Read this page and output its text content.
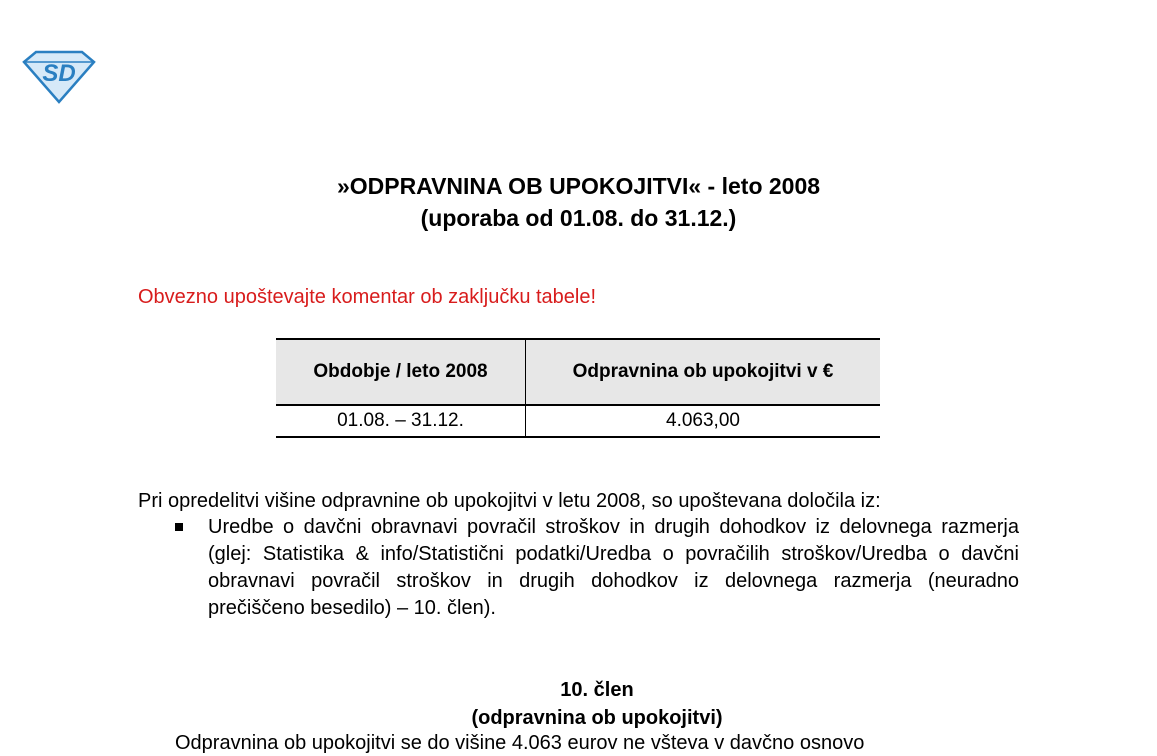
SD
»ODPRAVNINA OB UPOKOJITVI« - leto 2008
(uporaba od 01.08. do 31.12.)
Obvezno upoštevajte komentar ob zaključku tabele!
Obdobje / leto 2008	Odpravnina ob upokojitvi v €
01.08. – 31.12.	4.063,00
Pri opredelitvi višine odpravnine ob upokojitvi v letu 2008, so upoštevana določila iz:
Uredbe o davčni obravnavi povračil stroškov in drugih dohodkov iz delovnega razmerja (glej: Statistika & info/Statistični podatki/Uredba o povračilih stroškov/Uredba o davčni obravnavi povračil stroškov in drugih dohodkov iz delovnega razmerja (neuradno prečiščeno besedilo) – 10. člen).
10. člen
(odpravnina ob upokojitvi)
Odpravnina ob upokojitvi se do višine 4.063 eurov ne všteva v davčno osnovo
